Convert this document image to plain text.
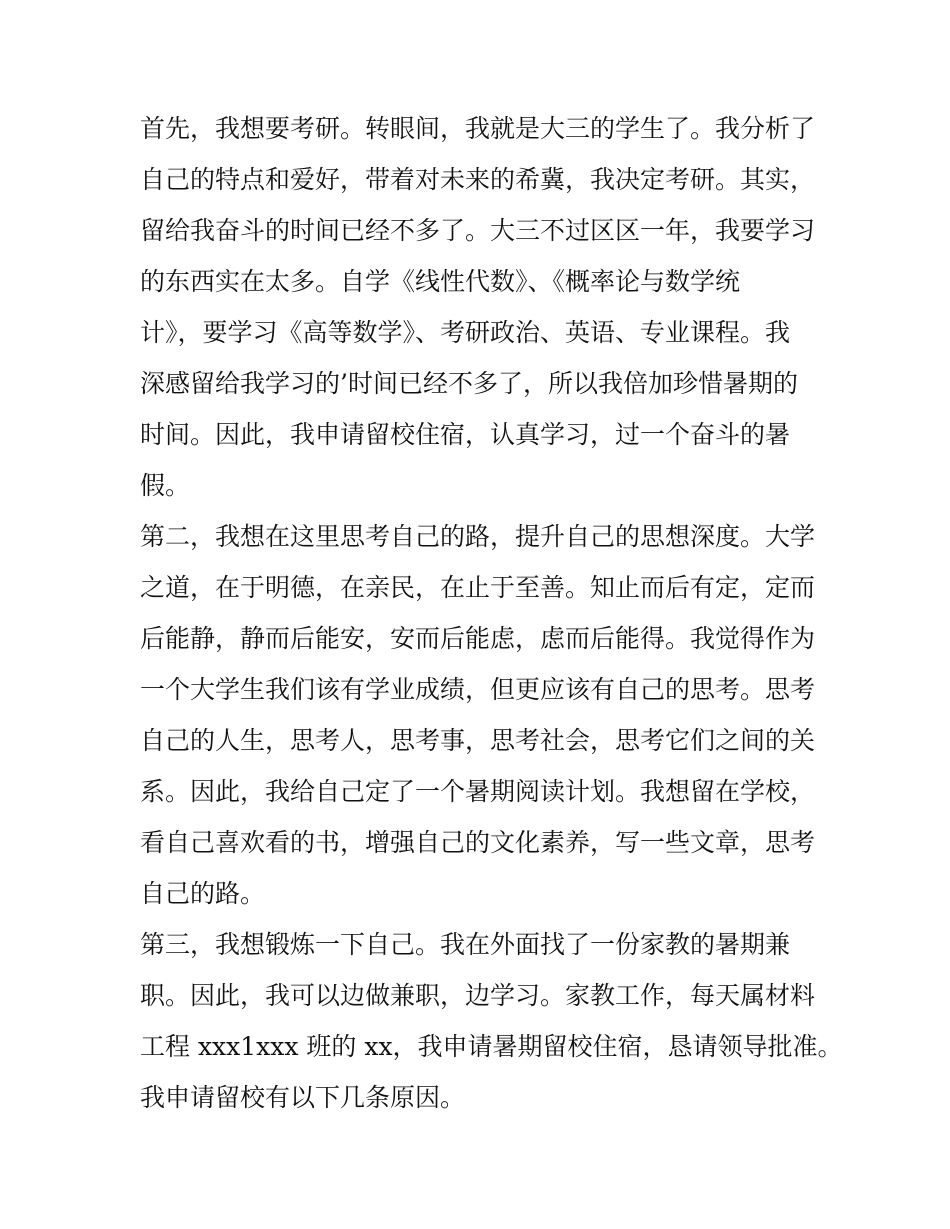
首先，我想要考研。转眼间，我就是大三的学生了。我分析了
自己的特点和爱好，带着对未来的希冀，我决定考研。其实，
留给我奋斗的时间已经不多了。大三不过区区一年，我要学习
的东西实在太多。自学《线性代数》、《概率论与数学统
计》，要学习《高等数学》、考研政治、英语、专业课程。我
深感留给我学习的’时间已经不多了，所以我倍加珍惜暑期的
时间。因此，我申请留校住宿，认真学习，过一个奋斗的暑
假。
第二，我想在这里思考自己的路，提升自己的思想深度。大学
之道，在于明德，在亲民，在止于至善。知止而后有定，定而
后能静，静而后能安，安而后能虑，虑而后能得。我觉得作为
一个大学生我们该有学业成绩，但更应该有自己的思考。思考
自己的人生，思考人，思考事，思考社会，思考它们之间的关
系。因此，我给自己定了一个暑期阅读计划。我想留在学校，
看自己喜欢看的书，增强自己的文化素养，写一些文章，思考
自己的路。
第三，我想锻炼一下自己。我在外面找了一份家教的暑期兼
职。因此，我可以边做兼职，边学习。家教工作，每天属材料
工程 xxx1xxx 班的 xx，我申请暑期留校住宿，恳请领导批准。
我申请留校有以下几条原因。
